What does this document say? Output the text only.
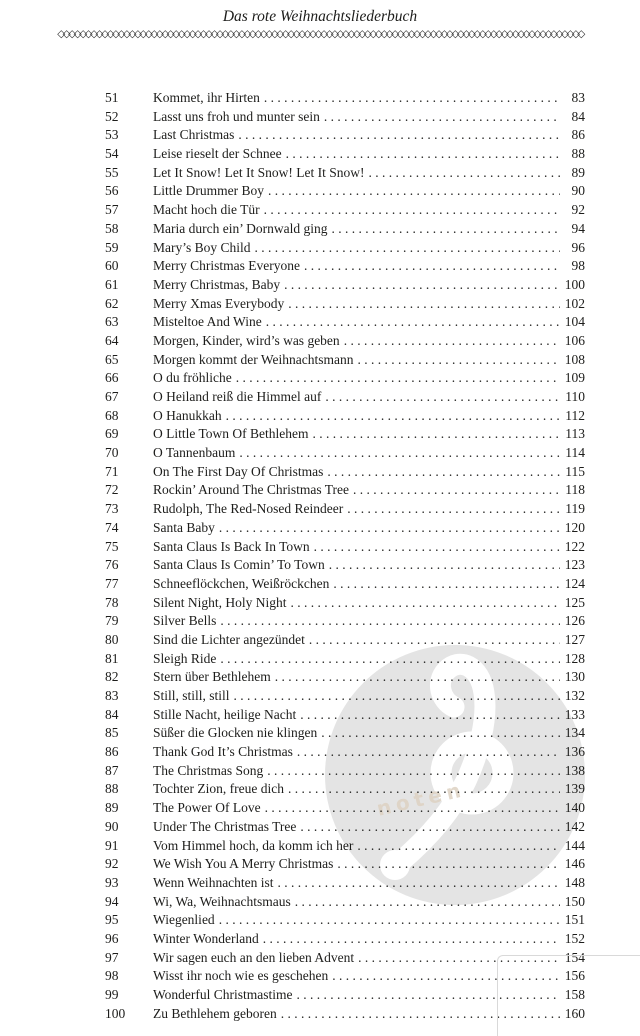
Das rote Weihnachtsliederbuch
◇◇◇◇◇◇◇◇◇◇◇◇◇◇◇◇◇◇◇◇◇◇◇◇◇◇◇◇◇◇◇◇◇◇◇◇◇◇◇◇◇◇◇◇◇◇◇◇◇◇◇◇◇◇◇◇◇◇◇◇◇◇◇◇◇◇◇◇◇◇◇◇◇◇◇◇◇◇◇◇◇◇◇◇◇◇◇◇◇◇◇◇◇◇◇◇
noten
51	Kommet, ihr Hirten . . .	83
52	Lasst uns froh und munter sein . . .	84
53	Last Christmas . . .	86
54	Leise rieselt der Schnee . . .	88
55	Let It Snow! Let It Snow! Let It Snow! . . .	89
56	Little Drummer Boy . . .	90
57	Macht hoch die Tür . . .	92
58	Maria durch ein’ Dornwald ging . . .	94
59	Mary’s Boy Child . . .	96
60	Merry Christmas Everyone . . .	98
61	Merry Christmas, Baby . . .	100
62	Merry Xmas Everybody . . .	102
63	Misteltoe And Wine . . .	104
64	Morgen, Kinder, wird’s was geben . . .	106
65	Morgen kommt der Weihnachtsmann . . .	108
66	O du fröhliche . . .	109
67	O Heiland reiß die Himmel auf . . .	110
68	O Hanukkah . . .	112
69	O Little Town Of Bethlehem . . .	113
70	O Tannenbaum . . .	114
71	On The First Day Of Christmas . . .	115
72	Rockin’ Around The Christmas Tree . . .	118
73	Rudolph, The Red-Nosed Reindeer . . .	119
74	Santa Baby . . .	120
75	Santa Claus Is Back In Town . . .	122
76	Santa Claus Is Comin’ To Town . . .	123
77	Schneeflöckchen, Weißröckchen . . .	124
78	Silent Night, Holy Night . . .	125
79	Silver Bells . . .	126
80	Sind die Lichter angezündet . . .	127
81	Sleigh Ride . . .	128
82	Stern über Bethlehem . . .	130
83	Still, still, still . . .	132
84	Stille Nacht, heilige Nacht . . .	133
85	Süßer die Glocken nie klingen . . .	134
86	Thank God It’s Christmas . . .	136
87	The Christmas Song . . .	138
88	Tochter Zion, freue dich . . .	139
89	The Power Of Love . . .	140
90	Under The Christmas Tree . . .	142
91	Vom Himmel hoch, da komm ich her . . .	144
92	We Wish You A Merry Christmas . . .	146
93	Wenn Weihnachten ist . . .	148
94	Wi, Wa, Weihnachtsmaus . . .	150
95	Wiegenlied . . .	151
96	Winter Wonderland . . .	152
97	Wir sagen euch an den lieben Advent . . .	154
98	Wisst ihr noch wie es geschehen . . .	156
99	Wonderful Christmastime . . .	158
100	Zu Bethlehem geboren . . .	160
